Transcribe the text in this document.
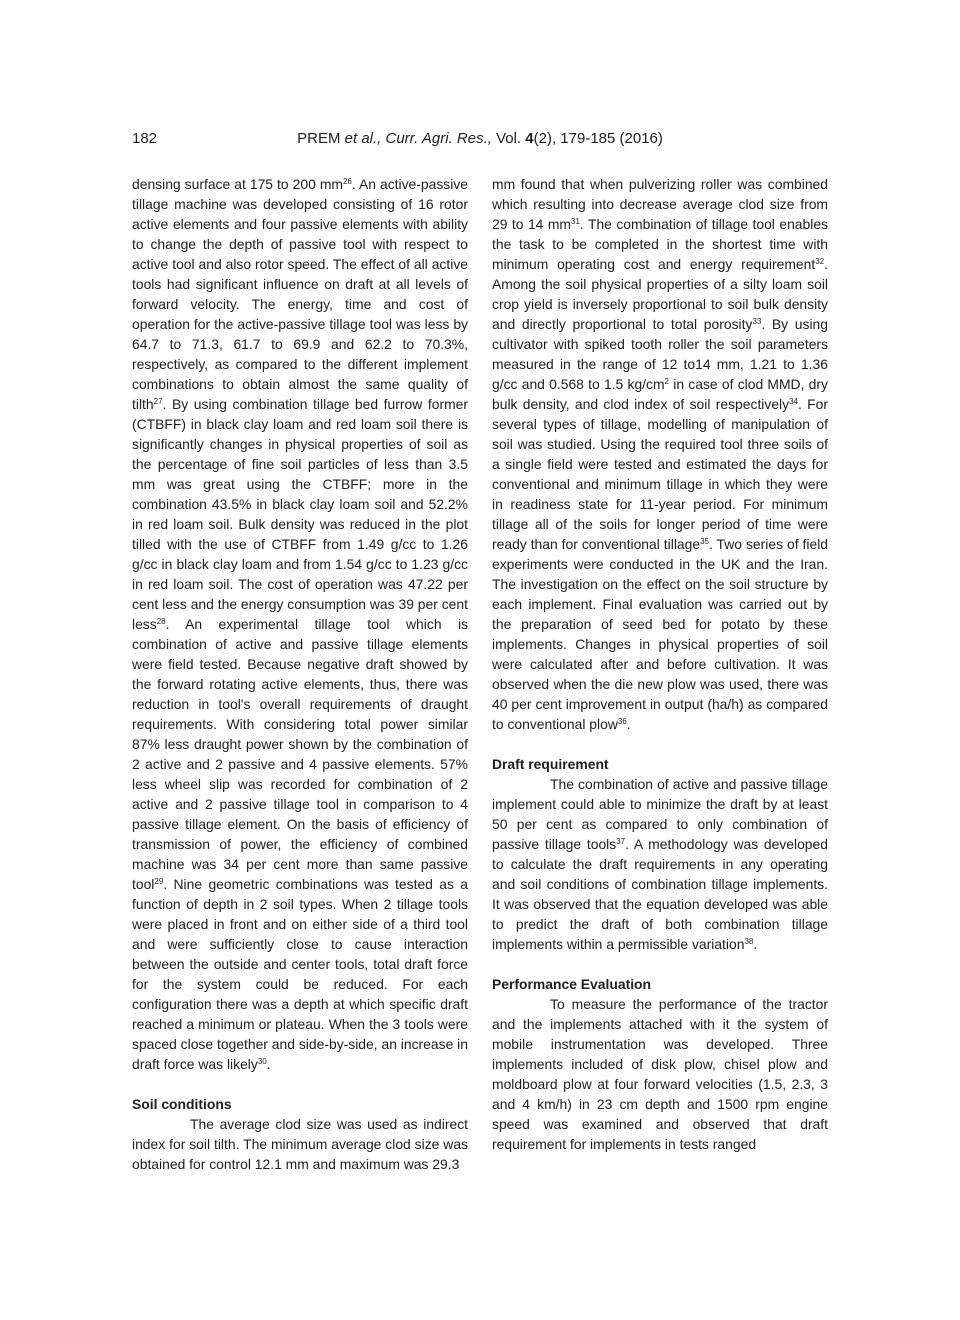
182	PREM et al., Curr. Agri. Res., Vol. 4(2), 179-185 (2016)

densing surface at 175 to 200 $mm^{26}$. An active-passive tillage machine was developed consisting of 16 rotor active elements and four passive elements with ability to change the depth of passive tool with respect to active tool and also rotor speed. The effect of all active tools had significant influence on draft at all levels of forward velocity. The energy, time and cost of operation for the active-passive tillage tool was less by 64.7 to 71.3, 61.7 to 69.9 and 62.2 to 70.3%, respectively, as compared to the different implement combinations to obtain almost the same quality of tilth$^{27}$. By using combination tillage bed furrow former (CTBFF) in black clay loam and red loam soil there is significantly changes in physical properties of soil as the percentage of fine soil particles of less than 3.5 mm was great using the CTBFF; more in the combination 43.5% in black clay loam soil and 52.2% in red loam soil. Bulk density was reduced in the plot tilled with the use of CTBFF from 1.49 g/cc to 1.26 g/cc in black clay loam and from 1.54 g/cc to 1.23 g/cc in red loam soil. The cost of operation was 47.22 per cent less and the energy consumption was 39 per cent less$^{28}$. An experimental tillage tool which is combination of active and passive tillage elements were field tested. Because negative draft showed by the forward rotating active elements, thus, there was reduction in tool's overall requirements of draught requirements. With considering total power similar 87% less draught power shown by the combination of 2 active and 2 passive and 4 passive elements. 57% less wheel slip was recorded for combination of 2 active and 2 passive tillage tool in comparison to 4 passive tillage element. On the basis of efficiency of transmission of power, the efficiency of combined machine was 34 per cent more than same passive tool$^{29}$. Nine geometric combinations was tested as a function of depth in 2 soil types. When 2 tillage tools were placed in front and on either side of a third tool and were sufficiently close to cause interaction between the outside and center tools, total draft force for the system could be reduced. For each configuration there was a depth at which specific draft reached a minimum or plateau. When the 3 tools were spaced close together and side-by-side, an increase in draft force was likely$^{30}$.

Soil conditions

The average clod size was used as indirect index for soil tilth. The minimum average clod size was obtained for control 12.1 mm and maximum was 29.3

mm found that when pulverizing roller was combined which resulting into decrease average clod size from 29 to 14 $mm^{31}$. The combination of tillage tool enables the task to be completed in the shortest time with minimum operating cost and energy requirement$^{32}$. Among the soil physical properties of a silty loam soil crop yield is inversely proportional to soil bulk density and directly proportional to total porosity$^{33}$. By using cultivator with spiked tooth roller the soil parameters measured in the range of 12 to14 mm, 1.21 to 1.36 g/cc and 0.568 to 1.5 $kg/cm^2$ in case of clod MMD, dry bulk density, and clod index of soil respectively$^{34}$. For several types of tillage, modelling of manipulation of soil was studied. Using the required tool three soils of a single field were tested and estimated the days for conventional and minimum tillage in which they were in readiness state for 11-year period. For minimum tillage all of the soils for longer period of time were ready than for conventional tillage$^{35}$. Two series of field experiments were conducted in the UK and the Iran. The investigation on the effect on the soil structure by each implement. Final evaluation was carried out by the preparation of seed bed for potato by these implements. Changes in physical properties of soil were calculated after and before cultivation. It was observed when the die new plow was used, there was 40 per cent improvement in output (ha/h) as compared to conventional plow$^{36}$.

Draft requirement

The combination of active and passive tillage implement could able to minimize the draft by at least 50 per cent as compared to only combination of passive tillage tools$^{37}$. A methodology was developed to calculate the draft requirements in any operating and soil conditions of combination tillage implements. It was observed that the equation developed was able to predict the draft of both combination tillage implements within a permissible variation$^{38}$.

Performance Evaluation

To measure the performance of the tractor and the implements attached with it the system of mobile instrumentation was developed. Three implements included of disk plow, chisel plow and moldboard plow at four forward velocities (1.5, 2.3, 3 and 4 km/h) in 23 cm depth and 1500 rpm engine speed was examined and observed that draft requirement for implements in tests ranged
